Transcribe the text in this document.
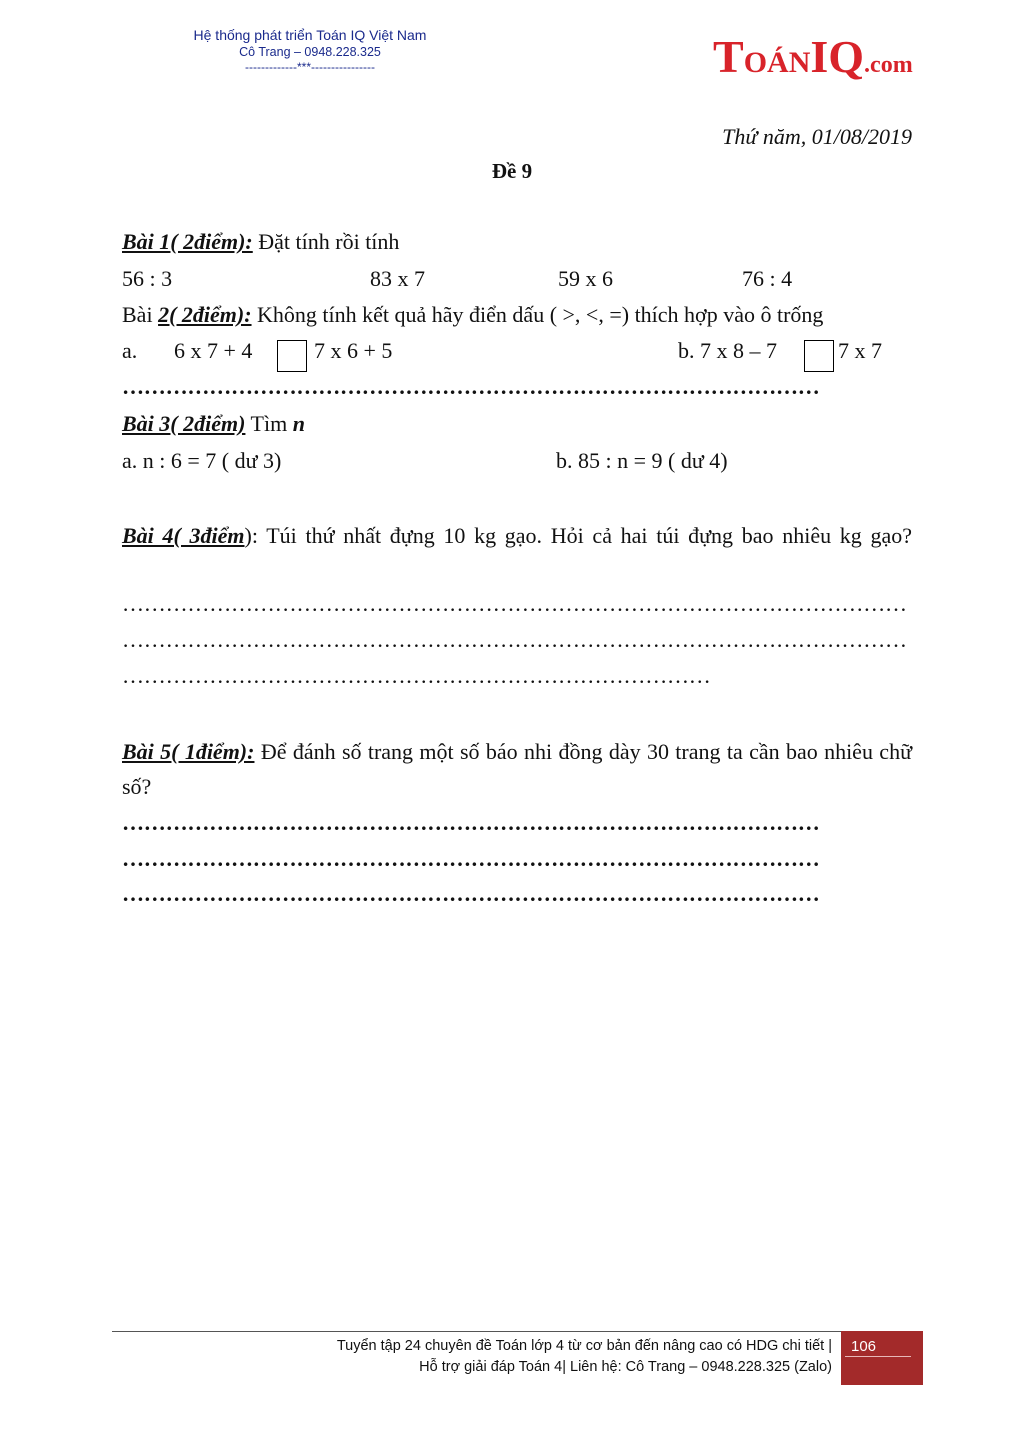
Hệ thống phát triển Toán IQ Việt Nam
Cô Trang – 0948.228.325
-------------***----------------	TOÁNIQ.com
Thứ năm, 01/08/2019
Đề 9
Bài 1( 2điểm): Đặt tính rồi tính
56 : 3	83 x 7	59 x 6	76 : 4
Bài 2( 2điểm): Không tính kết quả hãy điển dấu ( >, <, =) thích hợp vào ô trống
a. 6 x 7 + 4	7 x 6 + 5	b. 7 x 8 – 7	7 x 7
……………………………………………………………………………………
Bài 3( 2điểm) Tìm n
a. n : 6 = 7 ( dư 3)	b. 85 : n = 9 ( dư 4)
Bài 4( 3điểm): Túi thứ nhất đựng 10 kg gạo. Hỏi cả hai túi đựng bao nhiêu kg gạo?
………………………………………………………………………………………………
………………………………………………………………………………………………
………………………………………………………………………
Bài 5( 1điểm): Để đánh số trang một số báo nhi đồng dày 30 trang ta cần bao nhiêu chữ số?
……………………………………………………………………………………
……………………………………………………………………………………
……………………………………………………………………………………
Tuyển tập 24 chuyên đề Toán lớp 4 từ cơ bản đến nâng cao có HDG chi tiết |
Hỗ trợ giải đáp Toán 4| Liên hệ: Cô Trang – 0948.228.325 (Zalo)
106
